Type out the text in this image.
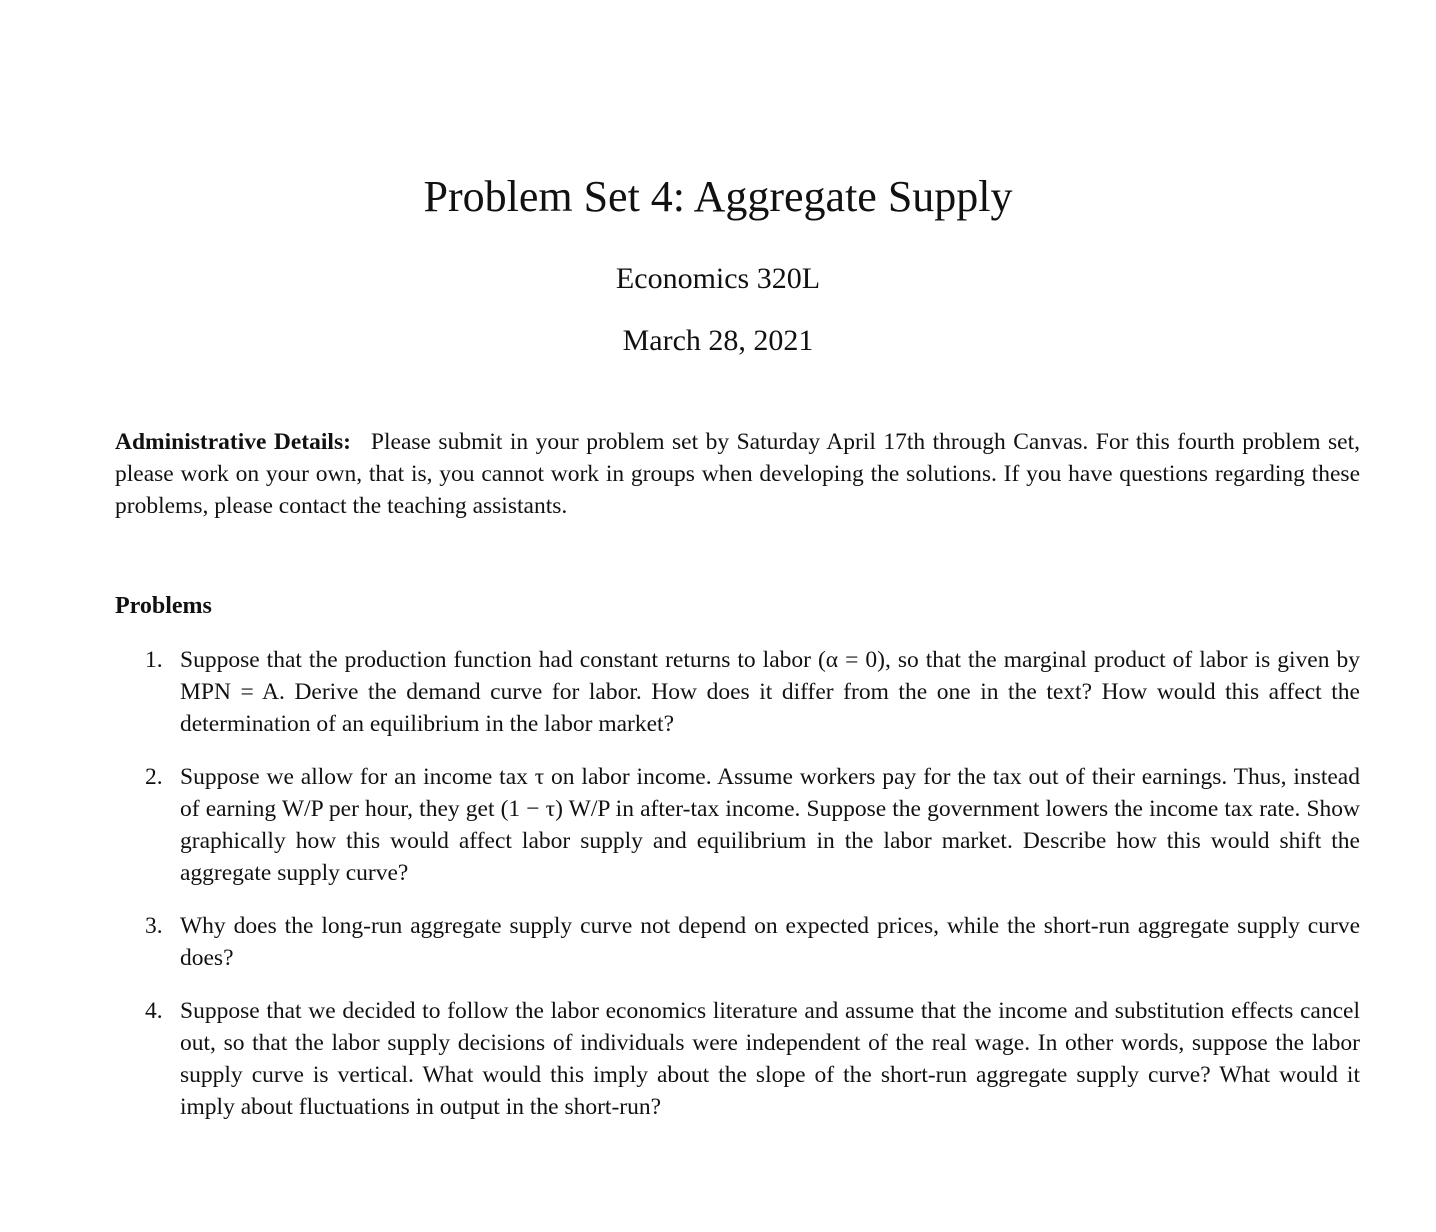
Problem Set 4: Aggregate Supply
Economics 320L
March 28, 2021
Administrative Details: Please submit in your problem set by Saturday April 17th through Canvas. For this fourth problem set, please work on your own, that is, you cannot work in groups when developing the solutions. If you have questions regarding these problems, please contact the teaching assistants.
Problems
1. Suppose that the production function had constant returns to labor (α = 0), so that the marginal product of labor is given by MPN = A. Derive the demand curve for labor. How does it differ from the one in the text? How would this affect the determination of an equilibrium in the labor market?
2. Suppose we allow for an income tax τ on labor income. Assume workers pay for the tax out of their earnings. Thus, instead of earning W/P per hour, they get (1 − τ) W/P in after-tax income. Suppose the government lowers the income tax rate. Show graphically how this would affect labor supply and equilibrium in the labor market. Describe how this would shift the aggregate supply curve?
3. Why does the long-run aggregate supply curve not depend on expected prices, while the short-run aggregate supply curve does?
4. Suppose that we decided to follow the labor economics literature and assume that the income and substitution effects cancel out, so that the labor supply decisions of individuals were independent of the real wage. In other words, suppose the labor supply curve is vertical. What would this imply about the slope of the short-run aggregate supply curve? What would it imply about fluctuations in output in the short-run?
